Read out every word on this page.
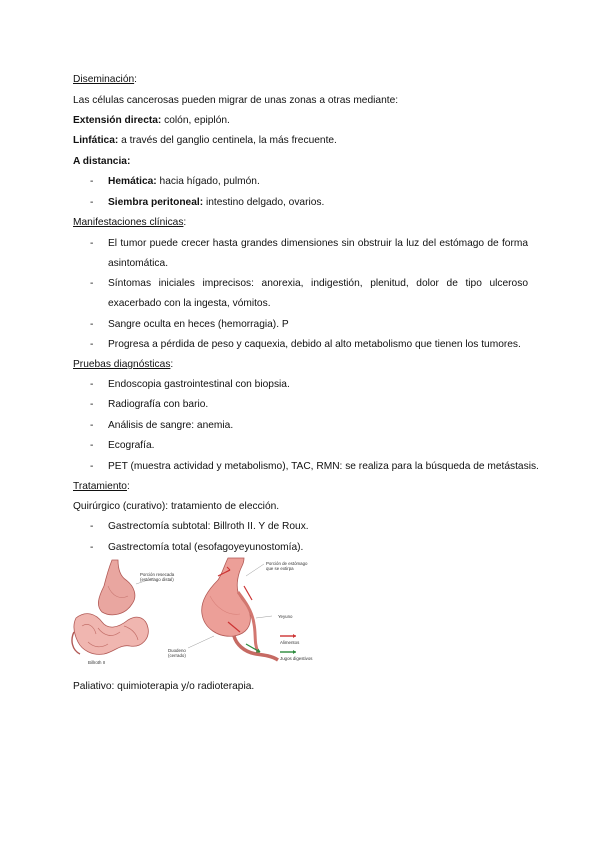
Diseminación:
Las células cancerosas pueden migrar de unas zonas a otras mediante:
Extensión directa: colón, epiplón.
Linfática: a través del ganglio centinela, la más frecuente.
A distancia:
- Hemática: hacia hígado, pulmón.
- Siembra peritoneal: intestino delgado, ovarios.
Manifestaciones clínicas:
- El tumor puede crecer hasta grandes dimensiones sin obstruir la luz del estómago de forma
asintomática.
- Síntomas iniciales imprecisos: anorexia, indigestión, plenitud, dolor de tipo ulceroso
exacerbado con la ingesta, vómitos.
- Sangre oculta en heces (hemorragia). P
- Progresa a pérdida de peso y caquexia, debido al alto metabolismo que tienen los tumores.
Pruebas diagnósticas:
- Endoscopia gastrointestinal con biopsia.
- Radiografía con bario.
- Análisis de sangre: anemia.
- Ecografía.
- PET (muestra actividad y metabolismo), TAC, RMN: se realiza para la búsqueda de metástasis.
Tratamiento:
Quirúrgico (curativo): tratamiento de elección.
- Gastrectomía subtotal: Billroth II. Y de Roux.
- Gastrectomía total (esofagoyeyunostomía).
Billroth II
Porción resecada
(estómago distal)
Porción de estómago
que se extirpa
Yeyuno
Duodeno
(cerrado)
Alimentos
Jugos digestivos
Paliativo: quimioterapia y/o radioterapia.
